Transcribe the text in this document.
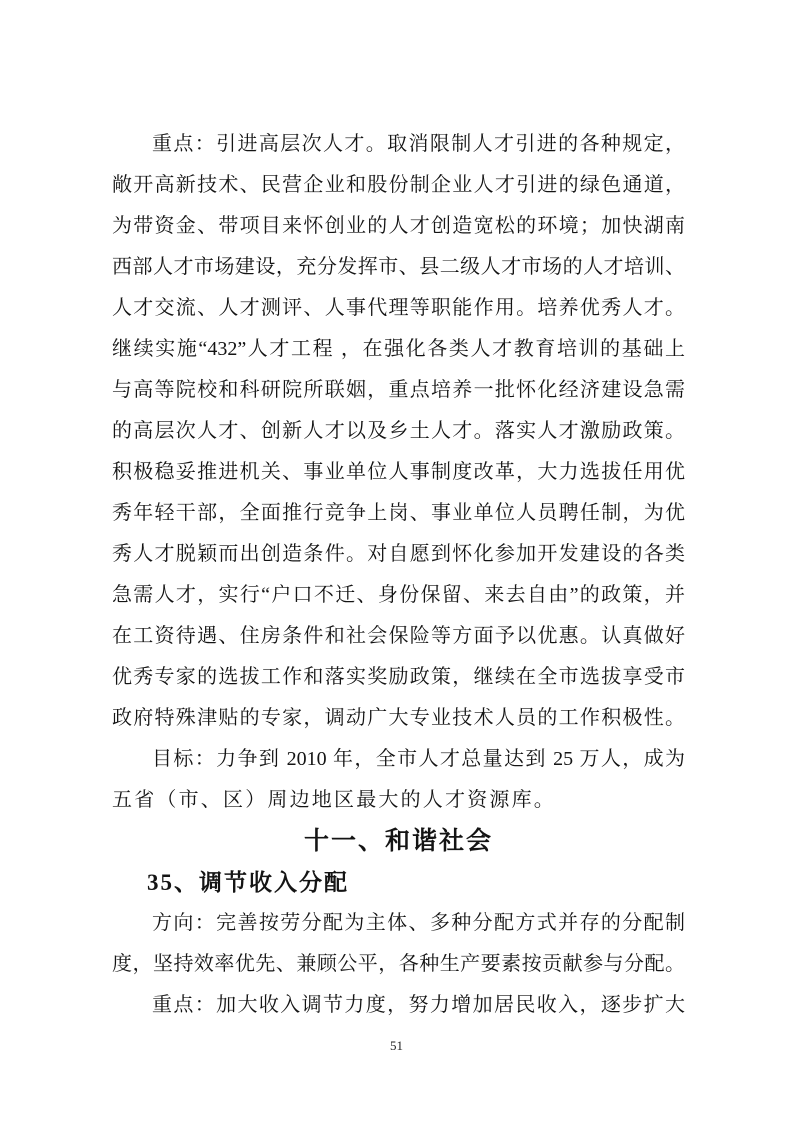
重点：引进高层次人才。取消限制人才引进的各种规定，

敞开高新技术、民营企业和股份制企业人才引进的绿色通道，

为带资金、带项目来怀创业的人才创造宽松的环境；加快湖南

西部人才市场建设，充分发挥市、县二级人才市场的人才培训、

人才交流、人才测评、人事代理等职能作用。培养优秀人才。

继续实施“432”人才工程 ，在强化各类人才教育培训的基础上

与高等院校和科研院所联姻，重点培养一批怀化经济建设急需

的高层次人才、创新人才以及乡土人才。落实人才激励政策。

积极稳妥推进机关、事业单位人事制度改革，大力选拔任用优

秀年轻干部，全面推行竞争上岗、事业单位人员聘任制，为优

秀人才脱颖而出创造条件。对自愿到怀化参加开发建设的各类

急需人才，实行“户口不迁、身份保留、来去自由”的政策，并

在工资待遇、住房条件和社会保险等方面予以优惠。认真做好

优秀专家的选拔工作和落实奖励政策，继续在全市选拔享受市

政府特殊津贴的专家，调动广大专业技术人员的工作积极性。

目标：力争到 2010 年，全市人才总量达到 25 万人，成为

五省（市、区）周边地区最大的人才资源库。

十一、和谐社会
35、调节收入分配

方向：完善按劳分配为主体、多种分配方式并存的分配制

度，坚持效率优先、兼顾公平，各种生产要素按贡献参与分配。

重点：加大收入调节力度，努力增加居民收入，逐步扩大

51
